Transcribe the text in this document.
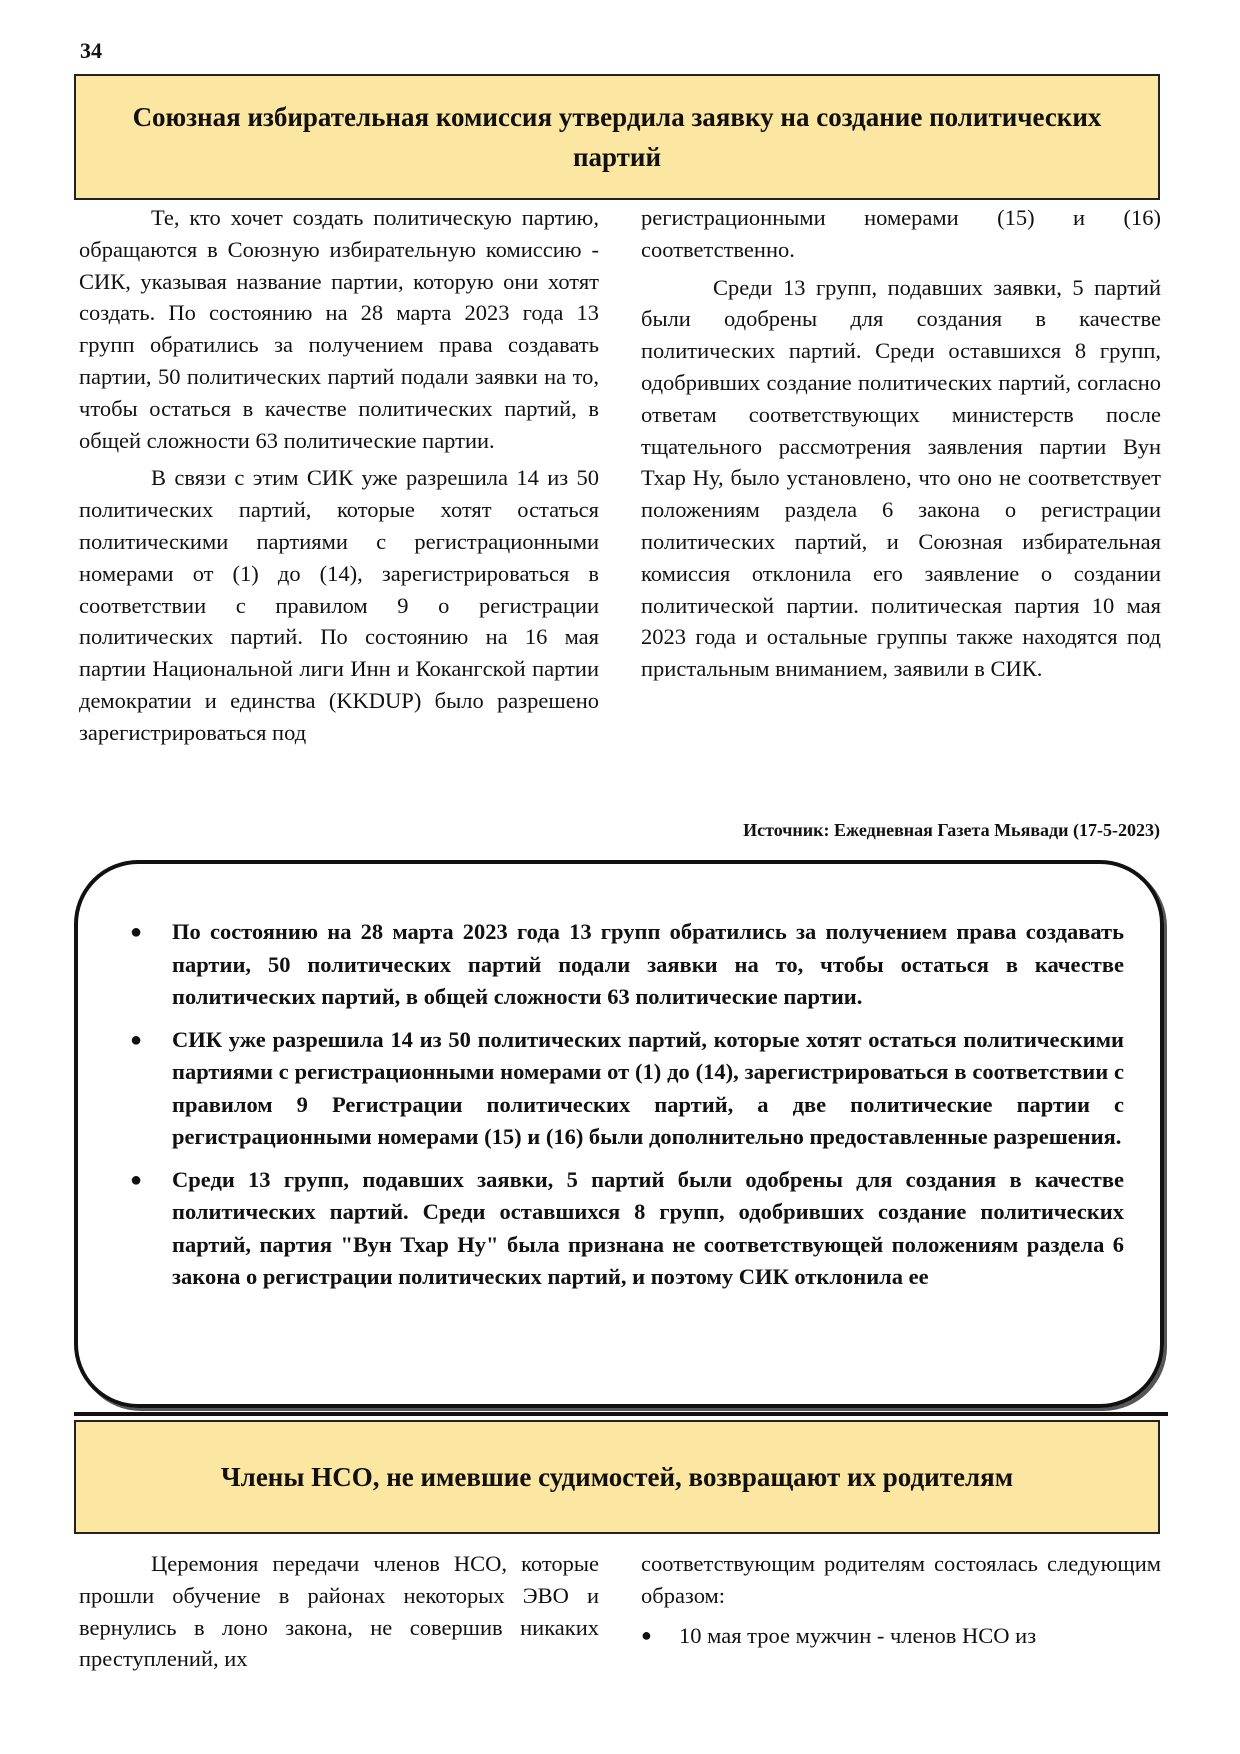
34
Союзная избирательная комиссия утвердила заявку на создание политических партий

Те, кто хочет создать политическую партию, обращаются в Союзную избирательную комиссию - СИК, указывая название партии, которую они хотят создать. По состоянию на 28 марта 2023 года 13 групп обратились за получением права создавать партии, 50 политических партий подали заявки на то, чтобы остаться в качестве политических партий, в общей сложности 63 политические партии.

В связи с этим СИК уже разрешила 14 из 50 политических партий, которые хотят остаться политическими партиями с регистрационными номерами от (1) до (14), зарегистрироваться в соответствии с правилом 9 о регистрации политических партий. По состоянию на 16 мая партии Национальной лиги Инн и Кокангской партии демократии и единства (KKDUP) было разрешено зарегистрироваться под

регистрационными номерами (15) и (16) соответственно.

Среди 13 групп, подавших заявки, 5 партий были одобрены для создания в качестве политических партий. Среди оставшихся 8 групп, одобривших создание политических партий, согласно ответам соответствующих министерств после тщательного рассмотрения заявления партии Вун Тхар Ну, было установлено, что оно не соответствует положениям раздела 6 закона о регистрации политических партий, и Союзная избирательная комиссия отклонила его заявление о создании политической партии. политическая партия 10 мая 2023 года и остальные группы также находятся под пристальным вниманием, заявили в СИК.

Источник: Ежедневная Газета Мьявади (17-5-2023)
● По состоянию на 28 марта 2023 года 13 групп обратились за получением права создавать партии, 50 политических партий подали заявки на то, чтобы остаться в качестве политических партий, в общей сложности 63 политические партии.
● СИК уже разрешила 14 из 50 политических партий, которые хотят остаться политическими партиями с регистрационными номерами от (1) до (14), зарегистрироваться в соответствии с правилом 9 Регистрации политических партий, а две политические партии с регистрационными номерами (15) и (16) были дополнительно предоставленные разрешения.
● Среди 13 групп, подавших заявки, 5 партий были одобрены для создания в качестве политических партий. Среди оставшихся 8 групп, одобривших создание политических партий, партия "Вун Тхар Ну" была признана не соответствующей положениям раздела 6 закона о регистрации политических партий, и поэтому СИК отклонила ее
Члены НСО, не имевшие судимостей, возвращают их родителям

Церемония передачи членов НСО, которые прошли обучение в районах некоторых ЭВО и вернулись в лоно закона, не совершив никаких преступлений, их

соответствующим родителям состоялась следующим образом:

● 10 мая трое мужчин - членов НСО из
